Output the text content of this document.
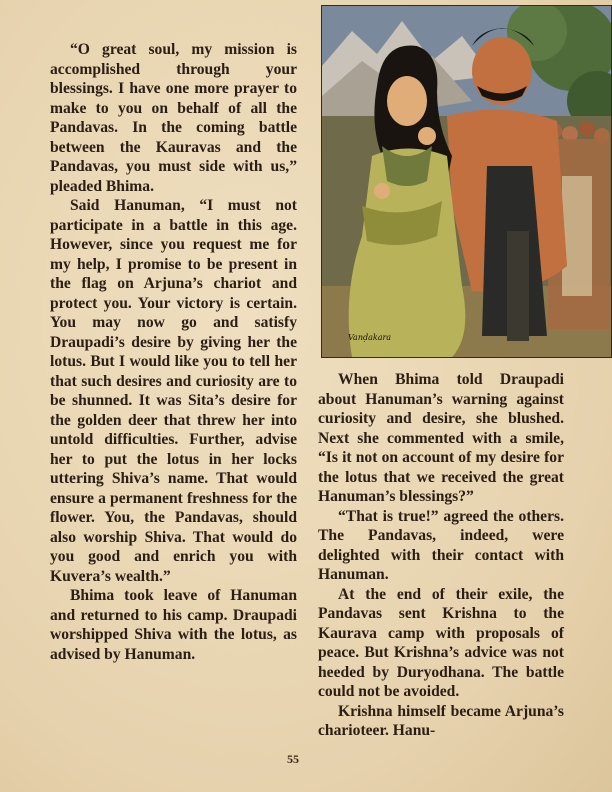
“O great soul, my mission is accomplished through your blessings. I have one more prayer to make to you on behalf of all the Pandavas. In the coming battle between the Kauravas and the Pandavas, you must side with us,” pleaded Bhima.

Said Hanuman, “I must not participate in a battle in this age. However, since you request me for my help, I promise to be present in the flag on Arjuna’s chariot and protect you. Your victory is certain. You may now go and satisfy Draupadi’s desire by giving her the lotus. But I would like you to tell her that such desires and curiosity are to be shunned. It was Sita’s desire for the golden deer that threw her into untold difficulties. Further, advise her to put the lotus in her locks uttering Shiva’s name. That would ensure a permanent freshness for the flower. You, the Pandavas, should also worship Shiva. That would do you good and enrich you with Kuvera’s wealth.”

Bhima took leave of Hanuman and returned to his camp. Draupadi worshipped Shiva with the lotus, as advised by Hanuman.

Vanḍakara

When Bhima told Draupadi about Hanuman’s warning against curiosity and desire, she blushed. Next she commented with a smile, “Is it not on account of my desire for the lotus that we received the great Hanuman’s blessings?”

“That is true!” agreed the others. The Pandavas, indeed, were delighted with their contact with Hanuman.

At the end of their exile, the Pandavas sent Krishna to the Kaurava camp with proposals of peace. But Krishna’s advice was not heeded by Duryodhana. The battle could not be avoided.

Krishna himself became Arjuna’s charioteer. Hanu-

55
